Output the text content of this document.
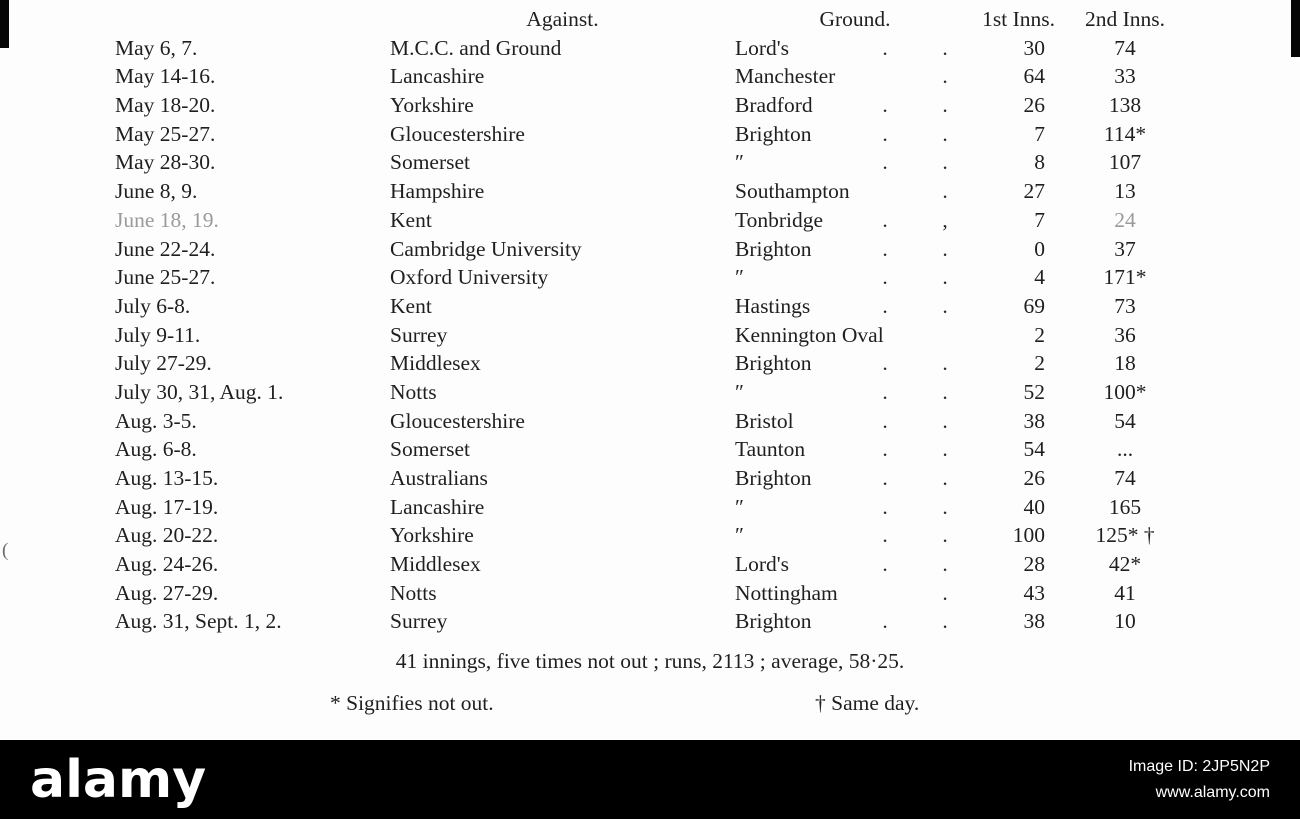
(
Against.	Ground.	1st Inns.	2nd Inns.
May 6, 7.	M.C.C. and Ground	Lord's	.	.	30	74
May 14-16.	Lancashire	Manchester	.	64	33
May 18-20.	Yorkshire	Bradford	.	.	26	138
May 25-27.	Gloucestershire	Brighton	.	.	7	114*
May 28-30.	Somerset	″	.	.	8	107
June 8, 9.	Hampshire	Southampton	.	27	13
June 18, 19.	Kent	Tonbridge	.	,	7	24
June 22-24.	Cambridge University	Brighton	.	.	0	37
June 25-27.	Oxford University	″	.	.	4	171*
July 6-8.	Kent	Hastings	.	.	69	73
July 9-11.	Surrey	Kennington Oval	2	36
July 27-29.	Middlesex	Brighton	.	.	2	18
July 30, 31, Aug. 1.	Notts	″	.	.	52	100*
Aug. 3-5.	Gloucestershire	Bristol	.	.	38	54
Aug. 6-8.	Somerset	Taunton	.	.	54	...
Aug. 13-15.	Australians	Brighton	.	.	26	74
Aug. 17-19.	Lancashire	″	.	.	40	165
Aug. 20-22.	Yorkshire	″	.	.	100	125* †
Aug. 24-26.	Middlesex	Lord's	.	.	28	42*
Aug. 27-29.	Notts	Nottingham	.	43	41
Aug. 31, Sept. 1, 2.	Surrey	Brighton	.	.	38	10
41 innings, five times not out ; runs, 2113 ; average, 58·25.
* Signifies not out.	† Same day.
alamy	Image ID: 2JP5N2P
www.alamy.com
